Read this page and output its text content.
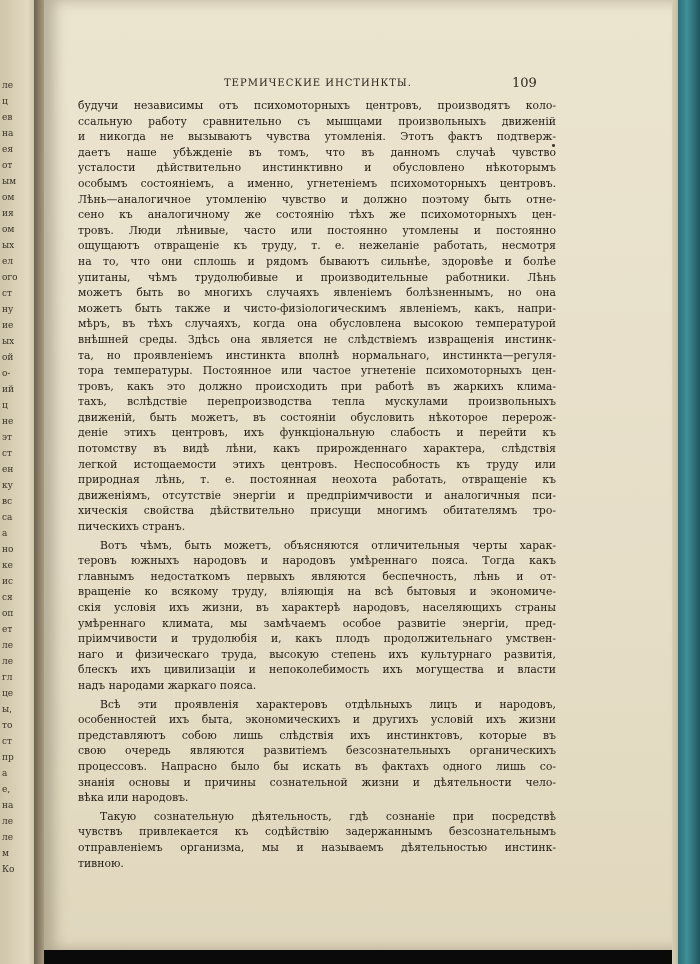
ле
ц
ев
на
ея
от
ым
ом
ия
ом
ых
ел
ого
ст
ну
ие
ых
ой
о-
ий
ц
не
эт
ст
ен
ку
вс
са
а
но
ке
ис
ся
оп
ет
ле
ле
гл
це
ы,
то
ст
пр
а
е,
на
ле
ле
м
Ко
ТЕРМИЧЕСКИЕ ИНСТИНКТЫ.	109
будучи независимы отъ психомоторныхъ центровъ, производятъ коло-
ссальную работу сравнительно съ мышцами произвольныхъ движенiй
и никогда не вызываютъ чувства утомленiя. Этотъ фактъ подтверж-
даетъ наше убѣжденiе въ томъ, что въ данномъ случаѣ чувство
усталости дѣйствительно инстинктивно и обусловлено нѣкоторымъ
особымъ состоянiемъ, а именно, угнетенiемъ психомоторныхъ центровъ.
Лѣнь—аналогичное утомленiю чувство и должно поэтому быть отне-
сено къ аналогичному же состоянiю тѣхъ же психомоторныхъ цен-
тровъ. Люди лѣнивые, часто или постоянно утомлены и постоянно
ощущаютъ отвращенiе къ труду, т. е. нежеланiе работать, несмотря
на то, что они сплошь и рядомъ бываютъ сильнѣе, здоровѣе и болѣе
упитаны, чѣмъ трудолюбивые и производительные работники. Лѣнь
можетъ быть во многихъ случаяхъ явленiемъ болѣзненнымъ, но она
можетъ быть также и чисто-физiологическимъ явленiемъ, какъ, напри-
мѣръ, въ тѣхъ случаяхъ, когда она обусловлена высокою температурой
внѣшней среды. Здѣсь она является не слѣдствiемъ извращенiя инстинк-
та, но проявленiемъ инстинкта вполнѣ нормальнаго, инстинкта—регуля-
тора температуры. Постоянное или частое угнетенiе психомоторныхъ цен-
тровъ, какъ это должно происходить при работѣ въ жаркихъ клима-
тахъ, вслѣдствiе перепроизводства тепла мускулами произвольныхъ
движенiй, быть можетъ, въ состоянiи обусловить нѣкоторое перерож-
денiе этихъ центровъ, ихъ функцiональную слабость и перейти къ
потомству въ видѣ лѣни, какъ прирожденнаго характера, слѣдствiя
легкой истощаемости этихъ центровъ. Неспособность къ труду или
природная лѣнь, т. е. постоянная неохота работать, отвращенiе къ
движенiямъ, отсутствiе энергiи и предпрiимчивости и аналогичныя пси-
хическiя свойства дѣйствительно присущи многимъ обитателямъ тро-
пическихъ странъ.
Вотъ чѣмъ, быть можетъ, объясняются отличительныя черты харак-
теровъ южныхъ народовъ и народовъ умѣреннаго пояса. Тогда какъ
главнымъ недостаткомъ первыхъ являются беспечность, лѣнь и от-
вращенiе ко всякому труду, влiяющiя на всѣ бытовыя и экономиче-
скiя условiя ихъ жизни, въ характерѣ народовъ, населяющихъ страны
умѣреннаго климата, мы замѣчаемъ особое развитiе энергiи, пред-
прiимчивости и трудолюбiя и, какъ плодъ продолжительнаго умствен-
наго и физическаго труда, высокую степень ихъ культурнаго развитiя,
блескъ ихъ цивилизацiи и непоколебимость ихъ могущества и власти
надъ народами жаркаго пояса.
Всѣ эти проявленiя характеровъ отдѣльныхъ лицъ и народовъ,
особенностей ихъ быта, экономическихъ и другихъ условiй ихъ жизни
представляютъ собою лишь слѣдствiя ихъ инстинктовъ, которые въ
свою очередь являются развитiемъ безсознательныхъ органическихъ
процессовъ. Напрасно было бы искать въ фактахъ одного лишь со-
знанiя основы и причины сознательной жизни и дѣятельности чело-
вѣка или народовъ.
Такую сознательную дѣятельность, гдѣ сознанiе при посредствѣ
чувствъ привлекается къ содѣйствiю задержаннымъ безсознательнымъ
отправленiемъ организма, мы и называемъ дѣятельностью инстинк-
тивною.
